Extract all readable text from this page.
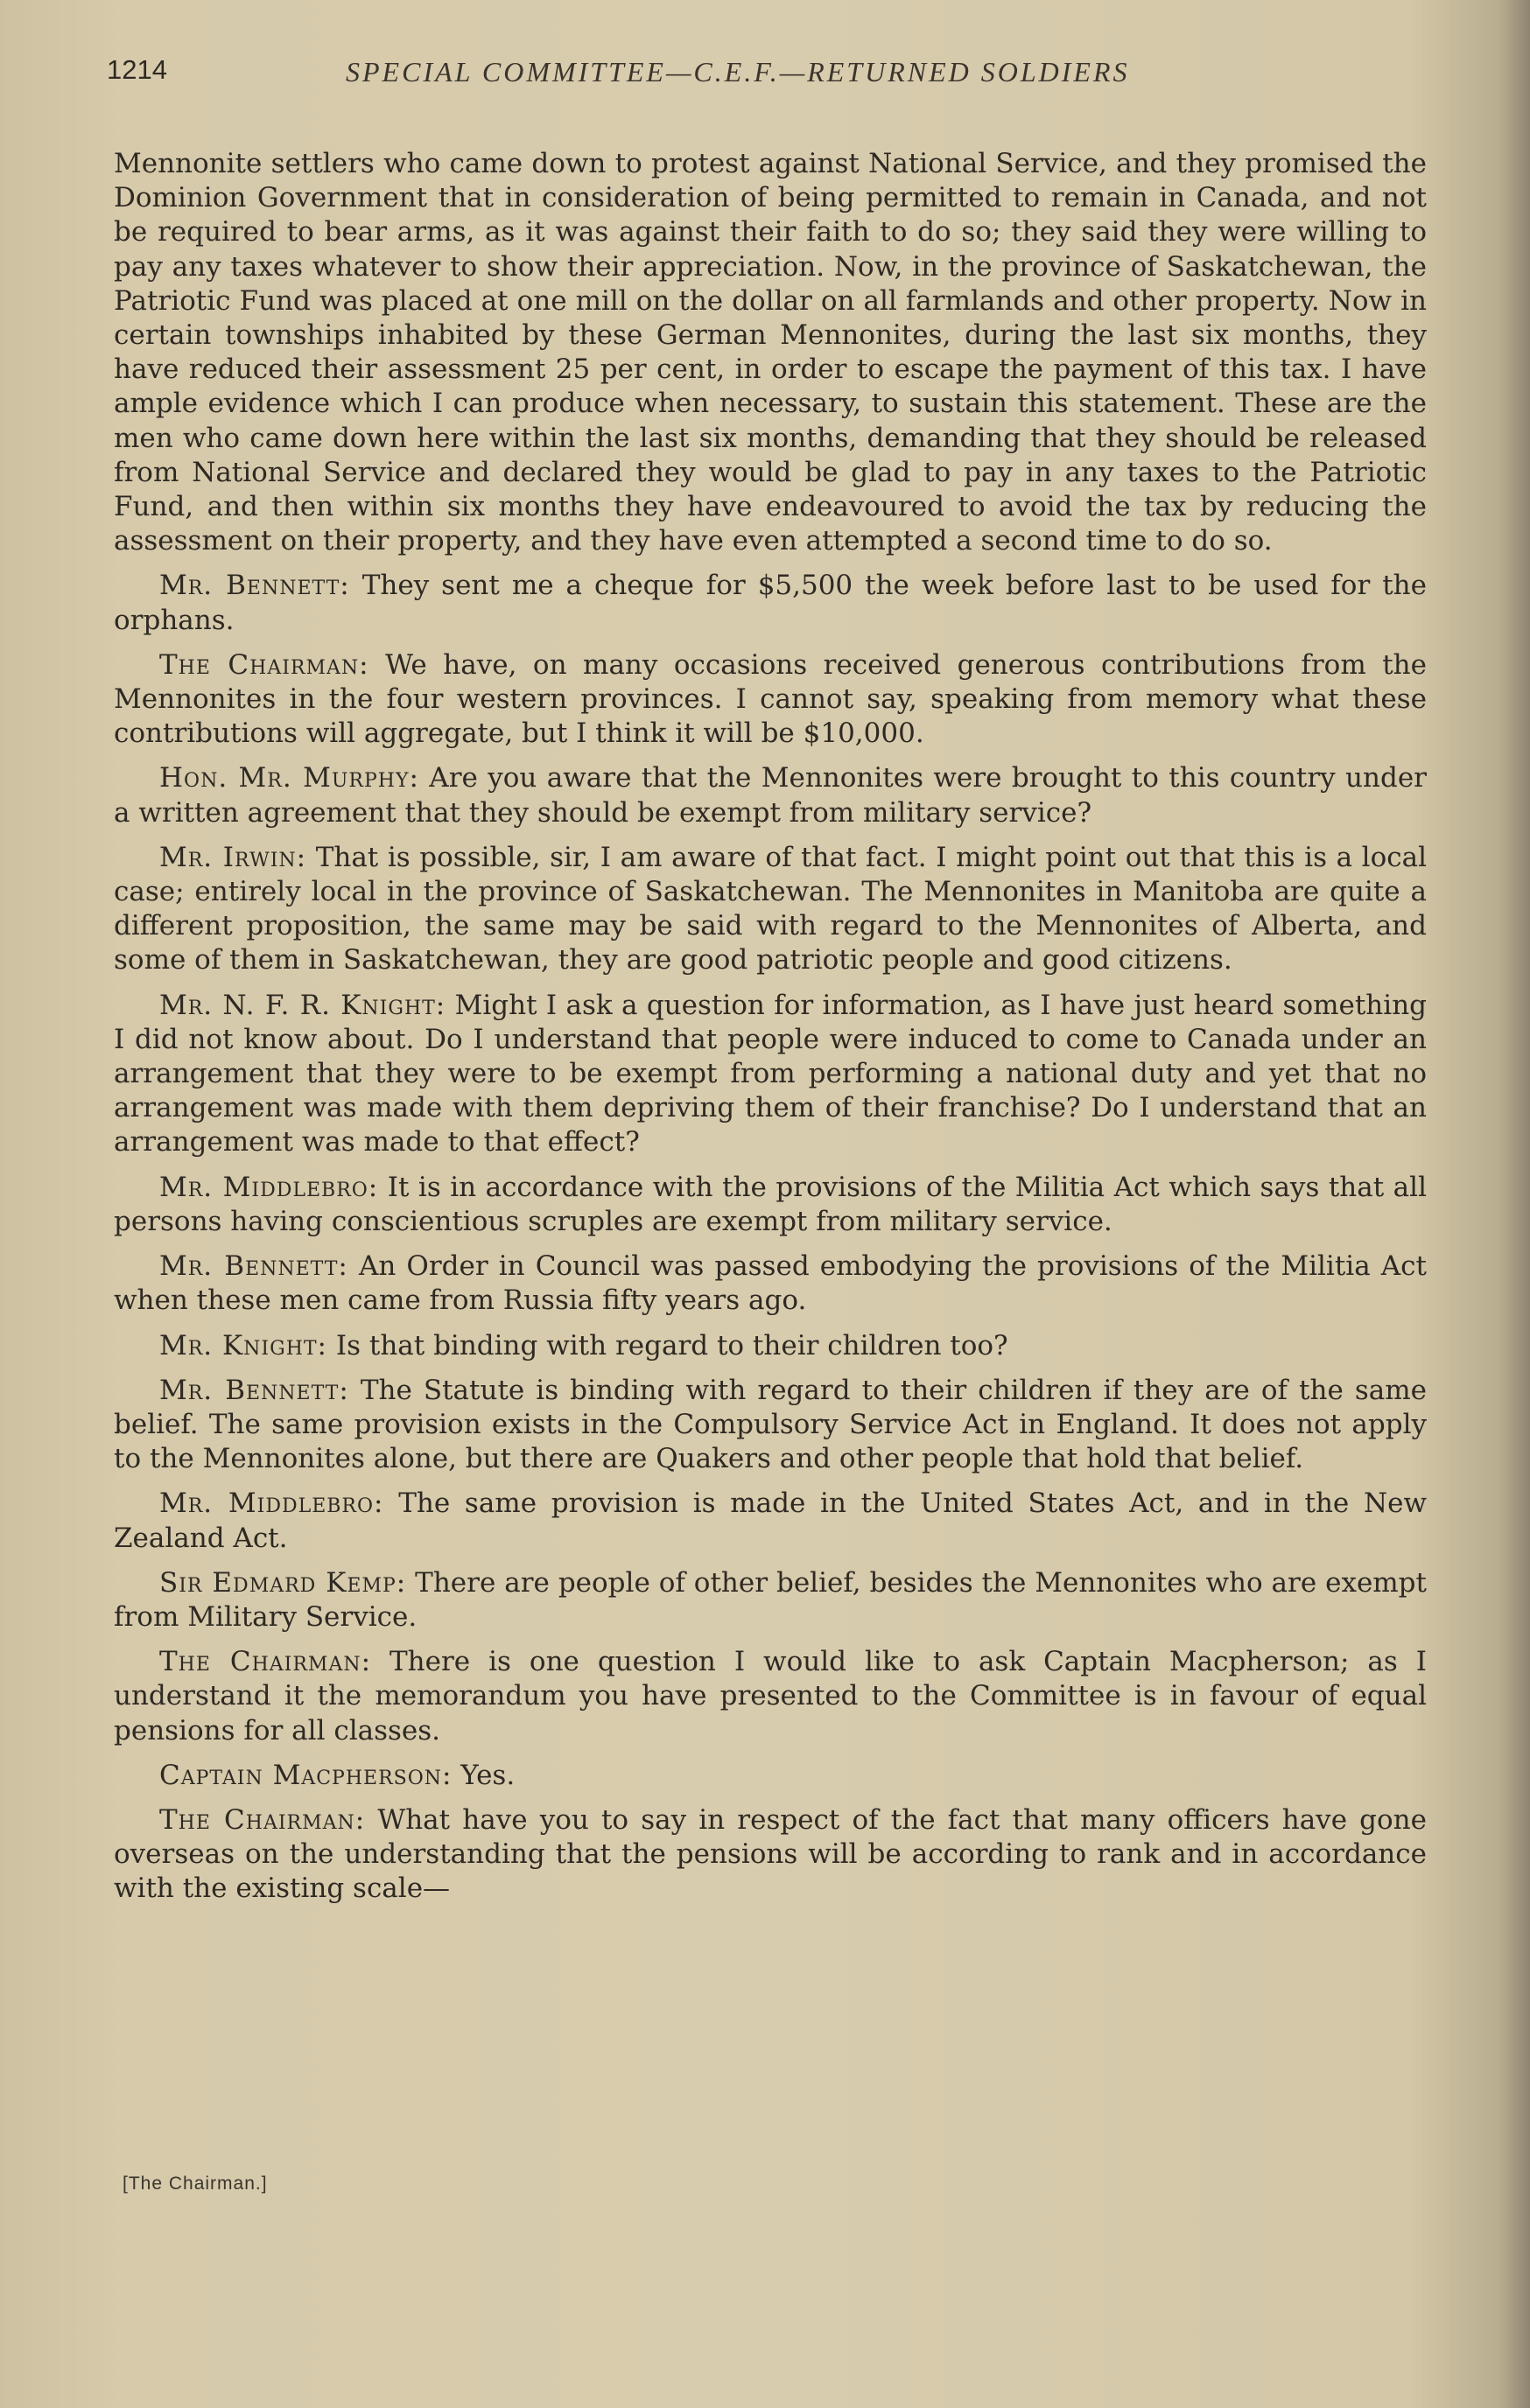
1214	SPECIAL COMMITTEE—C.E.F.—RETURNED SOLDIERS

Mennonite settlers who came down to protest against National Service, and they promised the Dominion Government that in consideration of being permitted to remain in Canada, and not be required to bear arms, as it was against their faith to do so; they said they were willing to pay any taxes whatever to show their appreciation. Now, in the province of Saskatchewan, the Patriotic Fund was placed at one mill on the dollar on all farmlands and other property. Now in certain townships inhabited by these German Mennonites, during the last six months, they have reduced their assessment 25 per cent, in order to escape the payment of this tax. I have ample evidence which I can produce when necessary, to sustain this statement. These are the men who came down here within the last six months, demanding that they should be released from National Service and declared they would be glad to pay in any taxes to the Patriotic Fund, and then within six months they have endeavoured to avoid the tax by reducing the assessment on their property, and they have even attempted a second time to do so.

Mr. Bennett: They sent me a cheque for $5,500 the week before last to be used for the orphans.

The Chairman: We have, on many occasions received generous contributions from the Mennonites in the four western provinces. I cannot say, speaking from memory what these contributions will aggregate, but I think it will be $10,000.

Hon. Mr. Murphy: Are you aware that the Mennonites were brought to this country under a written agreement that they should be exempt from military service?

Mr. Irwin: That is possible, sir, I am aware of that fact. I might point out that this is a local case; entirely local in the province of Saskatchewan. The Mennonites in Manitoba are quite a different proposition, the same may be said with regard to the Mennonites of Alberta, and some of them in Saskatchewan, they are good patriotic people and good citizens.

Mr. N. F. R. Knight: Might I ask a question for information, as I have just heard something I did not know about. Do I understand that people were induced to come to Canada under an arrangement that they were to be exempt from performing a national duty and yet that no arrangement was made with them depriving them of their franchise? Do I understand that an arrangement was made to that effect?

Mr. Middlebro: It is in accordance with the provisions of the Militia Act which says that all persons having conscientious scruples are exempt from military service.

Mr. Bennett: An Order in Council was passed embodying the provisions of the Militia Act when these men came from Russia fifty years ago.

Mr. Knight: Is that binding with regard to their children too?

Mr. Bennett: The Statute is binding with regard to their children if they are of the same belief. The same provision exists in the Compulsory Service Act in England. It does not apply to the Mennonites alone, but there are Quakers and other people that hold that belief.

Mr. Middlebro: The same provision is made in the United States Act, and in the New Zealand Act.

Sir Edmard Kemp: There are people of other belief, besides the Mennonites who are exempt from Military Service.

The Chairman: There is one question I would like to ask Captain Macpherson; as I understand it the memorandum you have presented to the Committee is in favour of equal pensions for all classes.

Captain Macpherson: Yes.

The Chairman: What have you to say in respect of the fact that many officers have gone overseas on the understanding that the pensions will be according to rank and in accordance with the existing scale—

[The Chairman.]
